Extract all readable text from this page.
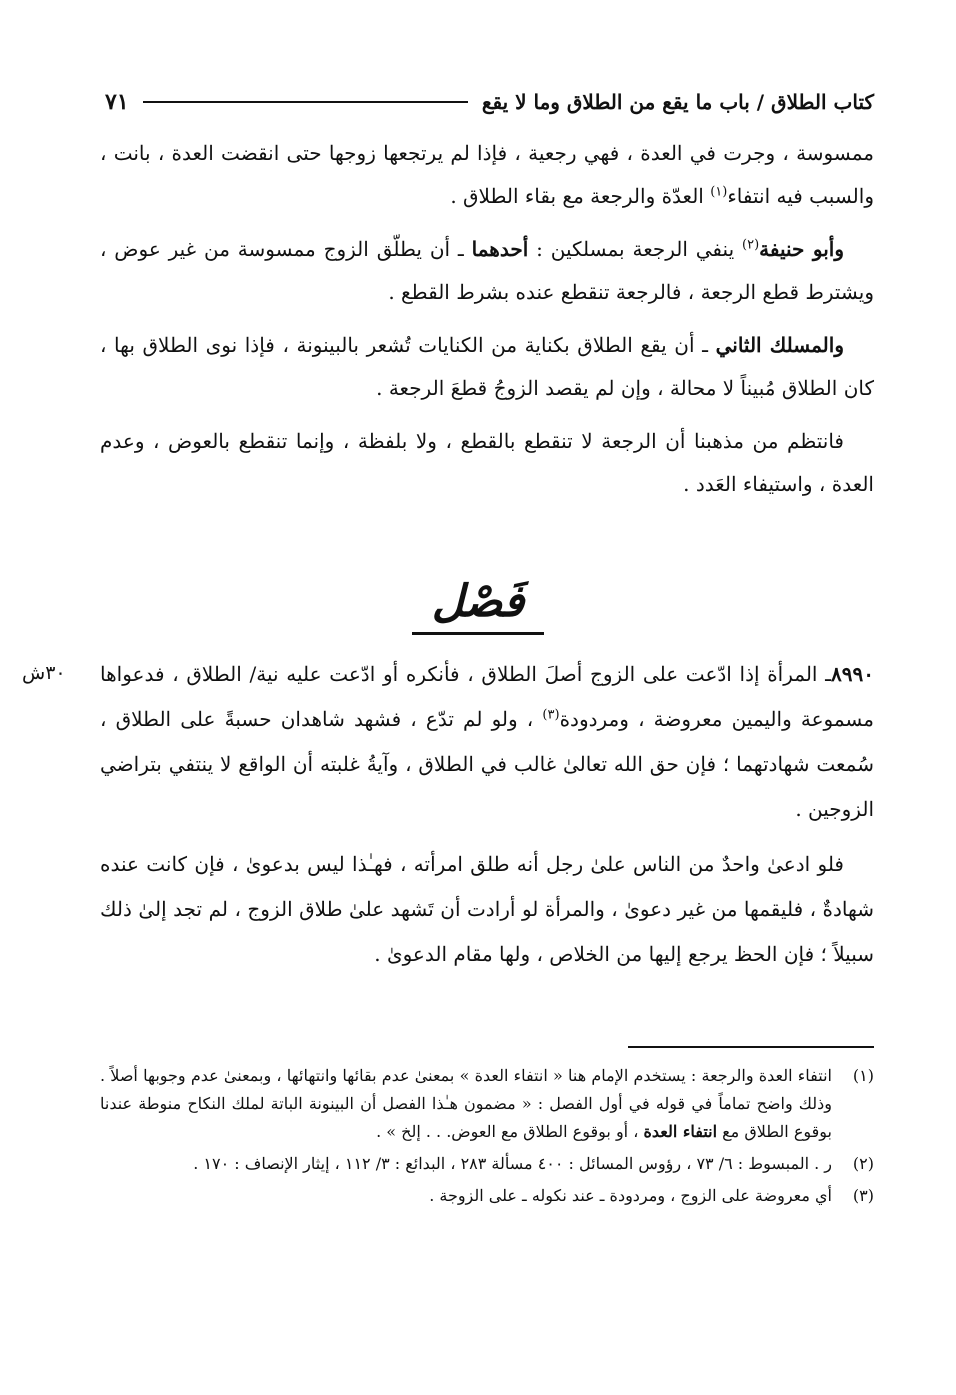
كتاب الطلاق / باب ما يقع من الطلاق وما لا يقع
٧١

ممسوسة ، وجرت في العدة ، فهي رجعية ، فإذا لم يرتجعها زوجها حتى انقضت العدة ، بانت ، والسبب فيه انتفاء$^{(١)}$ العدّة والرجعة مع بقاء الطلاق .

وأبو حنيفة$^{(٢)}$ ينفي الرجعة بمسلكين : أحدهما ـ أن يطلّق الزوج ممسوسة من غير عوض ، ويشترط قطع الرجعة ، فالرجعة تنقطع عنده بشرط القطع .

والمسلك الثاني ـ أن يقع الطلاق بكناية من الكنايات تُشعر بالبينونة ، فإذا نوى الطلاق بها ، كان الطلاق مُبيناً لا محالة ، وإن لم يقصد الزوجُ قطعَ الرجعة .

فانتظم من مذهبنا أن الرجعة لا تنقطع بالقطع ، ولا بلفظة ، وإنما تنقطع بالعوض ، وعدم العدة ، واستيفاء العَدد .

فَصْل
٣٠ش	٨٩٩٠ـ المرأة إذا ادّعت على الزوج أصلَ الطلاق ، فأنكره أو ادّعت عليه نية/ الطلاق ، فدعواها مسموعة واليمين معروضة ، ومردودة$^{(٣)}$ ، ولو لم تدّع ، فشهد شاهدان حسبةً على الطلاق ، سُمعت شهادتهما ؛ فإن حق الله تعالىٰ غالب في الطلاق ، وآيةُ غلبته أن الواقع لا ينتفي بتراضي الزوجين .

فلو ادعىٰ واحدٌ من الناس علىٰ رجل أنه طلق امرأته ، فهـٰذا ليس بدعوىٰ ، فإن كانت عنده شهادةٌ ، فليقمها من غير دعوىٰ ، والمرأة لو أرادت أن تَشهد علىٰ طلاق الزوج ، لم تجد إلىٰ ذلك سبيلاً ؛ فإن الحظ يرجع إليها من الخلاص ، ولها مقام الدعوىٰ .

(١)
انتفاء العدة والرجعة : يستخدم الإمام هنا « انتفاء العدة » بمعنىٰ عدم بقائها وانتهائها ، وبمعنىٰ عدم وجوبها أصلاً . وذلك واضح تماماً في قوله في أول الفصل : « مضمون هـٰذا الفصل أن البينونة الباتة لملك النكاح منوطة عندنا بوقوع الطلاق مع انتفاء العدة ، أو بوقوع الطلاق مع العوض. . . إلخ » .
(٢)
ر . المبسوط : ٦/ ٧٣ ، رؤوس المسائل : ٤٠٠ مسألة ٢٨٣ ، البدائع : ٣/ ١١٢ ، إيثار الإنصاف : ١٧٠ .
(٣)
أي معروضة على الزوج ، ومردودة ـ عند نكوله ـ على الزوجة .
